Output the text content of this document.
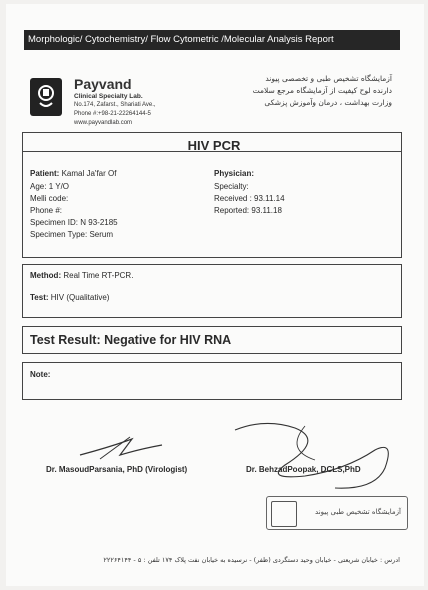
Morphologic/ Cytochemistry/ Flow Cytometric /Molecular Analysis Report
Payvand
Clinical Specialty Lab.
No.174, Zafarst., Shariati Ave.,
Phone #:+98-21-22264144-5
www.payvandlab.com
آزمایشگاه تشخیص طبی و تخصصی پیوند
دارنده لوح کیفیت از آزمایشگاه مرجع سلامت
وزارت بهداشت ، درمان وآموزش پزشکی
HIV PCR
Patient: Kamal Ja'far Of
Age: 1 Y/O
Melli code:
Phone #:
Specimen ID: N 93-2185
Specimen Type: Serum
Physician:
Specialty:
Received : 93.11.14
Reported: 93.11.18
Method: Real Time RT-PCR.
Test: HIV (Qualitative)
Test Result: Negative for HIV RNA
Note:
Dr. MasoudParsania, PhD (Virologist)	Dr. BehzadPoopak, DCLS,PhD
آزمایشگاه تشخیص طبی پیوند
ادرس : خیابان شریعتی - خیابان وحید دستگردی (ظفر) - نرسیده به خیابان نفت پلاک ۱۷۴ تلفن : ۵ - ۲۲۲۶۴۱۴۴
